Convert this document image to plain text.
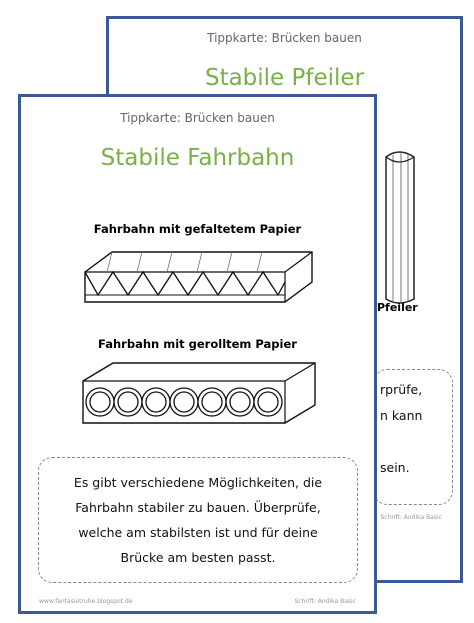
Tippkarte: Brücken bauen
Stabile Pfeiler
Pfeiler
rprüfe,
n kann
sein.
Schrift: Andika Basic
Tippkarte: Brücken bauen
Stabile Fahrbahn
Fahrbahn mit gefaltetem Papier
Fahrbahn mit gerolltem Papier
Es gibt verschiedene Möglichkeiten, die
Fahrbahn stabiler zu bauen. Überprüfe,
welche am stabilsten ist und für deine
Brücke am besten passt.
www.fantasietruhe.blogspot.de	Schrift: Andika Basic
